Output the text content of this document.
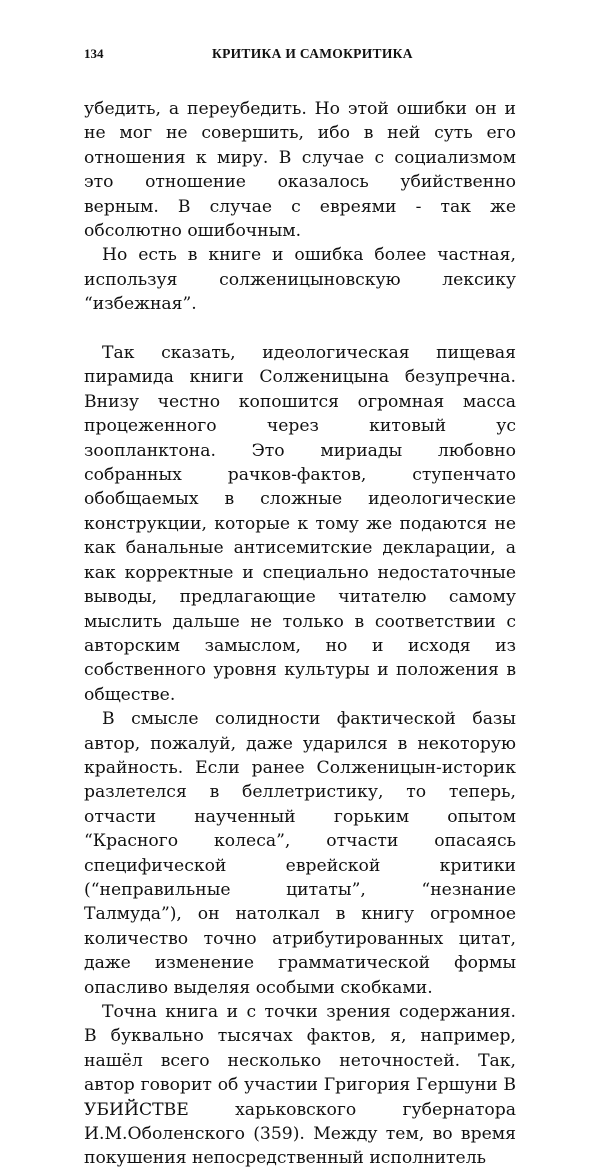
134	КРИТИКА И САМОКРИТИКА

убедить, а переубедить. Но этой ошибки он и не мог не совершить, ибо в ней суть его отношения к миру. В случае с социализмом это отношение оказалось убийственно верным. В случае с евреями - так же обсолютно ошибочным.

Но есть в книге и ошибка более частная, используя солженицыновскую лексику “избежная”.

Так сказать, идеологическая пищевая пирамида книги Солженицына безупречна. Внизу честно копошится огромная масса процеженного через китовый ус зоопланктона. Это мириады любовно собранных рачков-фактов, ступенчато обобщаемых в сложные идеологические конструкции, которые к тому же подаются не как банальные антисемитские декларации, а как корректные и специально недостаточные выводы, предлагающие читателю самому мыслить дальше не только в соответствии с авторским замыслом, но и исходя из собственного уровня культуры и положения в обществе.

В смысле солидности фактической базы автор, пожалуй, даже ударился в некоторую крайность. Если ранее Солженицын-историк разлетелся в беллетристику, то теперь, отчасти наученный горьким опытом “Красного колеса”, отчасти опасаясь специфической еврейской критики (“неправильные цитаты”, “незнание Талмуда”), он натолкал в книгу огромное количество точно атрибутированных цитат, даже изменение грамматической формы опасливо выделяя особыми скобками.

Точна книга и с точки зрения содержания. В буквально тысячах фактов, я, например, нашёл всего несколько неточностей. Так, автор говорит об участии Григория Гершуни В УБИЙСТВЕ харьковского губернатора И.М.Оболенского (359). Между тем, во время покушения непосредственный исполнитель
